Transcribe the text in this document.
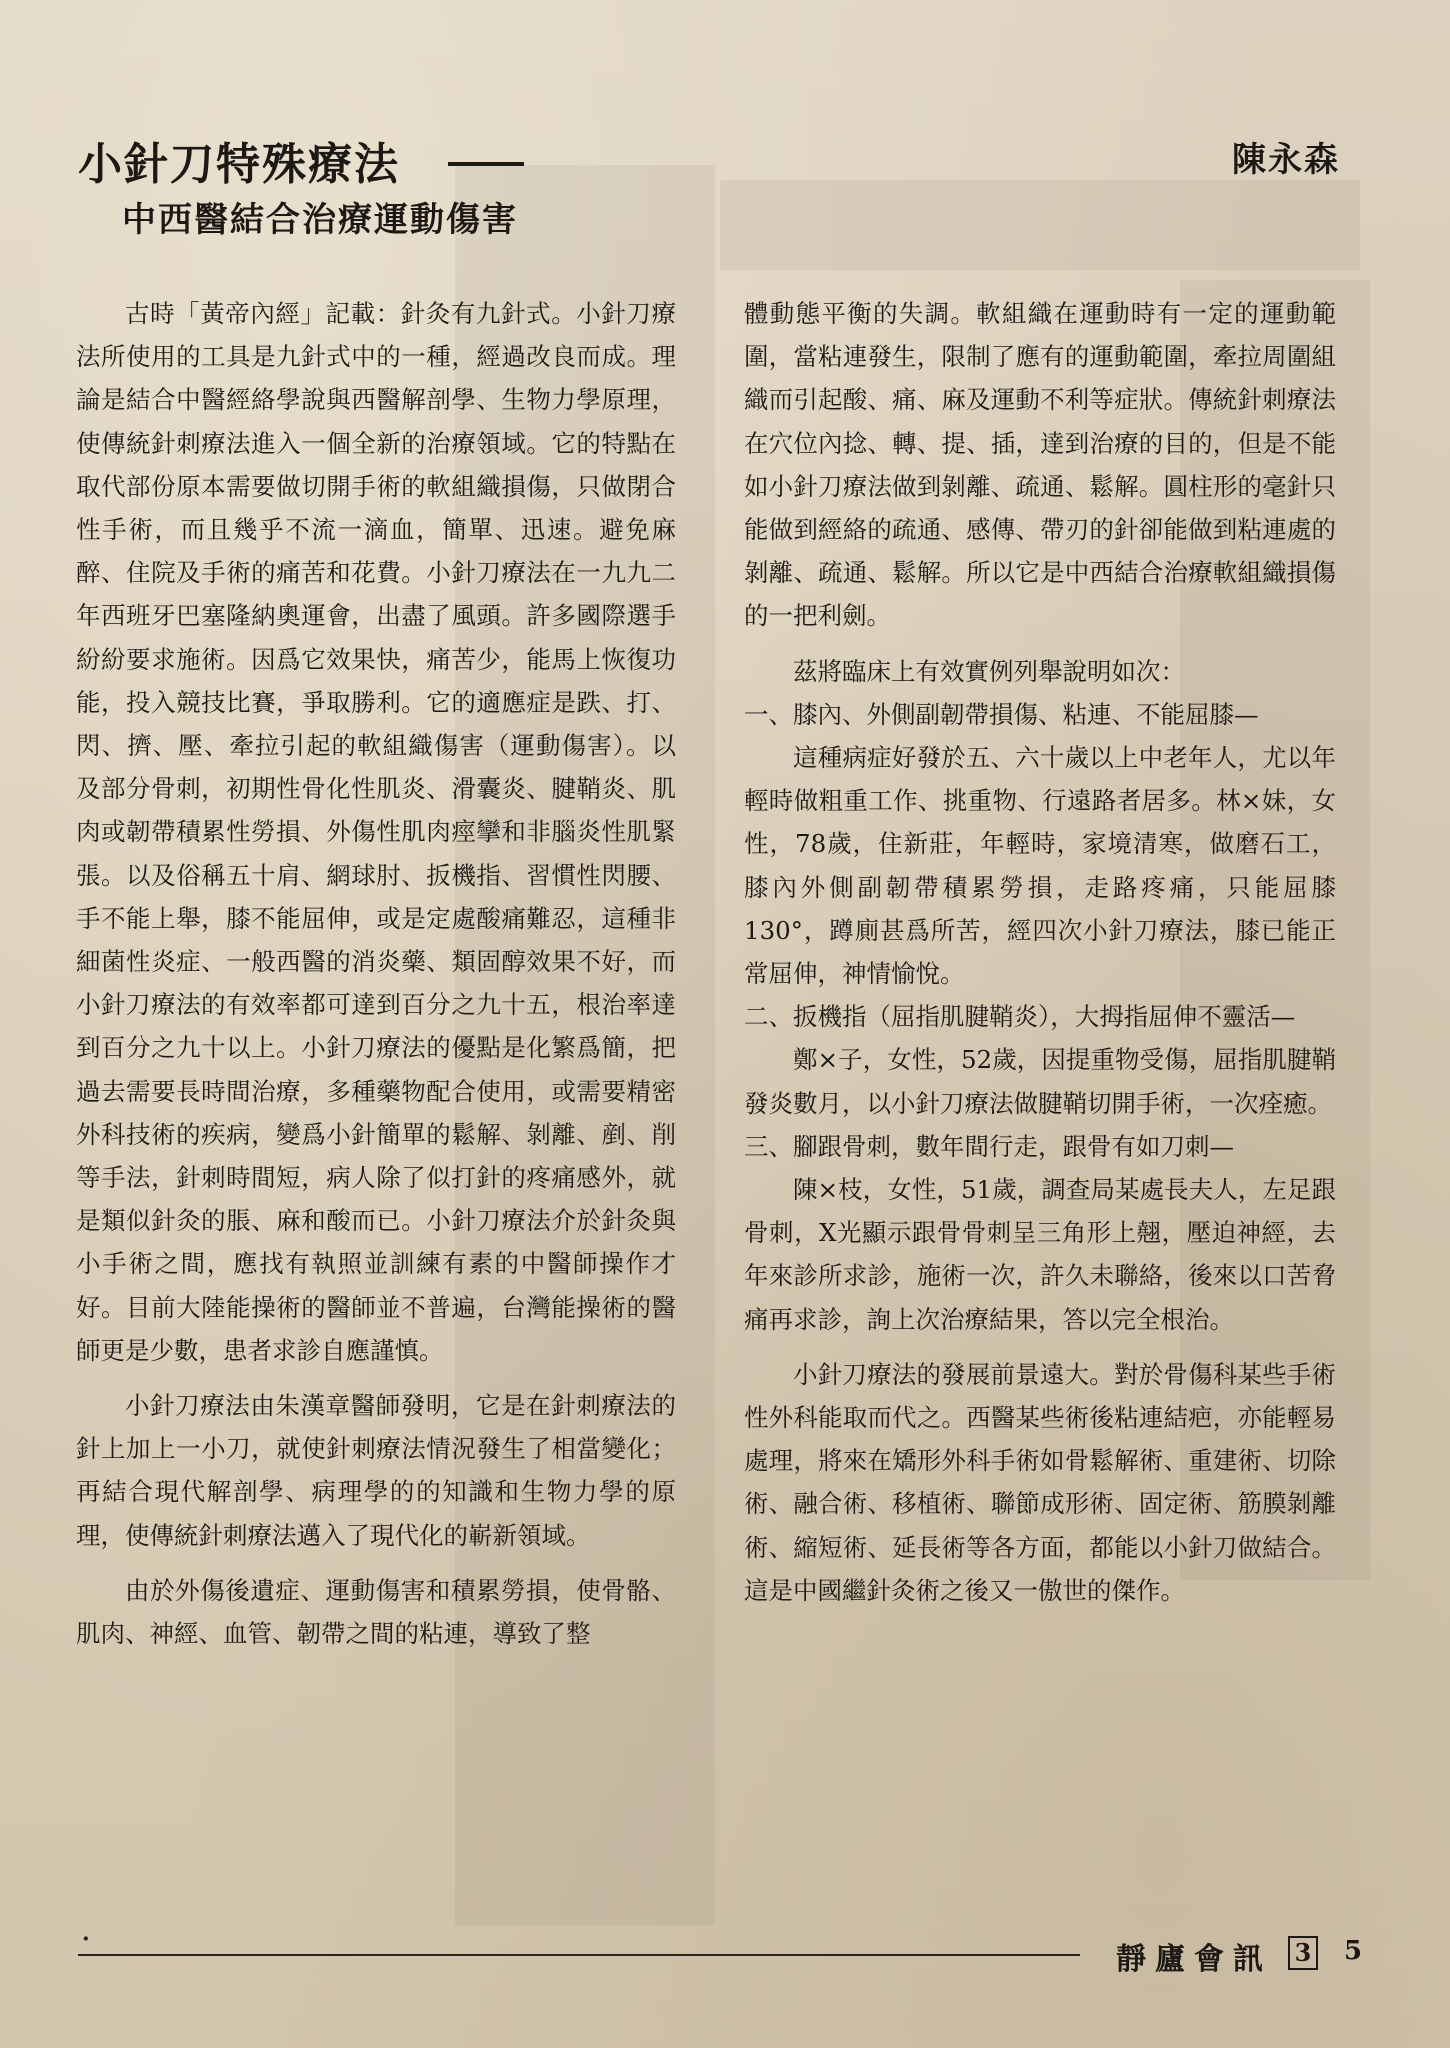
小針刀特殊療法	陳永森
中西醫結合治療運動傷害

古時「黃帝內經」記載：針灸有九針式。小針刀療法所使用的工具是九針式中的一種，經過改良而成。理論是結合中醫經絡學說與西醫解剖學、生物力學原理，使傳統針刺療法進入一個全新的治療領域。它的特點在取代部份原本需要做切開手術的軟組織損傷，只做閉合性手術，而且幾乎不流一滴血，簡單、迅速。避免麻醉、住院及手術的痛苦和花費。小針刀療法在一九九二年西班牙巴塞隆納奧運會，出盡了風頭。許多國際選手紛紛要求施術。因爲它效果快，痛苦少，能馬上恢復功能，投入競技比賽，爭取勝利。它的適應症是跌、打、閃、擠、壓、牽拉引起的軟組織傷害（運動傷害）。以及部分骨刺，初期性骨化性肌炎、滑囊炎、腱鞘炎、肌肉或韌帶積累性勞損、外傷性肌肉痙攣和非腦炎性肌緊張。以及俗稱五十肩、網球肘、扳機指、習慣性閃腰、手不能上舉，膝不能屈伸，或是定處酸痛難忍，這種非細菌性炎症、一般西醫的消炎藥、類固醇效果不好，而小針刀療法的有效率都可達到百分之九十五，根治率達到百分之九十以上。小針刀療法的優點是化繁爲簡，把過去需要長時間治療，多種藥物配合使用，或需要精密外科技術的疾病，變爲小針簡單的鬆解、剝離、剷、削等手法，針刺時間短，病人除了似打針的疼痛感外，就是類似針灸的脹、麻和酸而已。小針刀療法介於針灸與小手術之間，應找有執照並訓練有素的中醫師操作才好。目前大陸能操術的醫師並不普遍，台灣能操術的醫師更是少數，患者求診自應謹慎。

小針刀療法由朱漢章醫師發明，它是在針刺療法的針上加上一小刀，就使針刺療法情況發生了相當變化；再結合現代解剖學、病理學的的知識和生物力學的原理，使傳統針刺療法邁入了現代化的嶄新領域。

由於外傷後遺症、運動傷害和積累勞損，使骨骼、肌肉、神經、血管、韌帶之間的粘連，導致了整

體動態平衡的失調。軟組織在運動時有一定的運動範圍，當粘連發生，限制了應有的運動範圍，牽拉周圍組織而引起酸、痛、麻及運動不利等症狀。傳統針刺療法在穴位內捻、轉、提、插，達到治療的目的，但是不能如小針刀療法做到剝離、疏通、鬆解。圓柱形的毫針只能做到經絡的疏通、感傳、帶刃的針卻能做到粘連處的剝離、疏通、鬆解。所以它是中西結合治療軟組織損傷的一把利劍。

茲將臨床上有效實例列舉說明如次：

一、膝內、外側副韌帶損傷、粘連、不能屈膝—

這種病症好發於五、六十歲以上中老年人，尤以年輕時做粗重工作、挑重物、行遠路者居多。林×妹，女性，78歲，住新莊，年輕時，家境清寒，做磨石工，膝內外側副韌帶積累勞損，走路疼痛，只能屈膝130°，蹲廁甚爲所苦，經四次小針刀療法，膝已能正常屈伸，神情愉悅。

二、扳機指（屈指肌腱鞘炎），大拇指屈伸不靈活—

鄭×子，女性，52歲，因提重物受傷，屈指肌腱鞘發炎數月，以小針刀療法做腱鞘切開手術，一次痊癒。

三、腳跟骨刺，數年間行走，跟骨有如刀刺—

陳×枝，女性，51歲，調查局某處長夫人，左足跟骨刺，X光顯示跟骨骨刺呈三角形上翹，壓迫神經，去年來診所求診，施術一次，許久未聯絡，後來以口苦脅痛再求診，詢上次治療結果，答以完全根治。

小針刀療法的發展前景遠大。對於骨傷科某些手術性外科能取而代之。西醫某些術後粘連結疤，亦能輕易處理，將來在矯形外科手術如骨鬆解術、重建術、切除術、融合術、移植術、聯節成形術、固定術、筋膜剝離術、縮短術、延長術等各方面，都能以小針刀做結合。這是中國繼針灸術之後又一傲世的傑作。

·
靜廬會訊 3 5
